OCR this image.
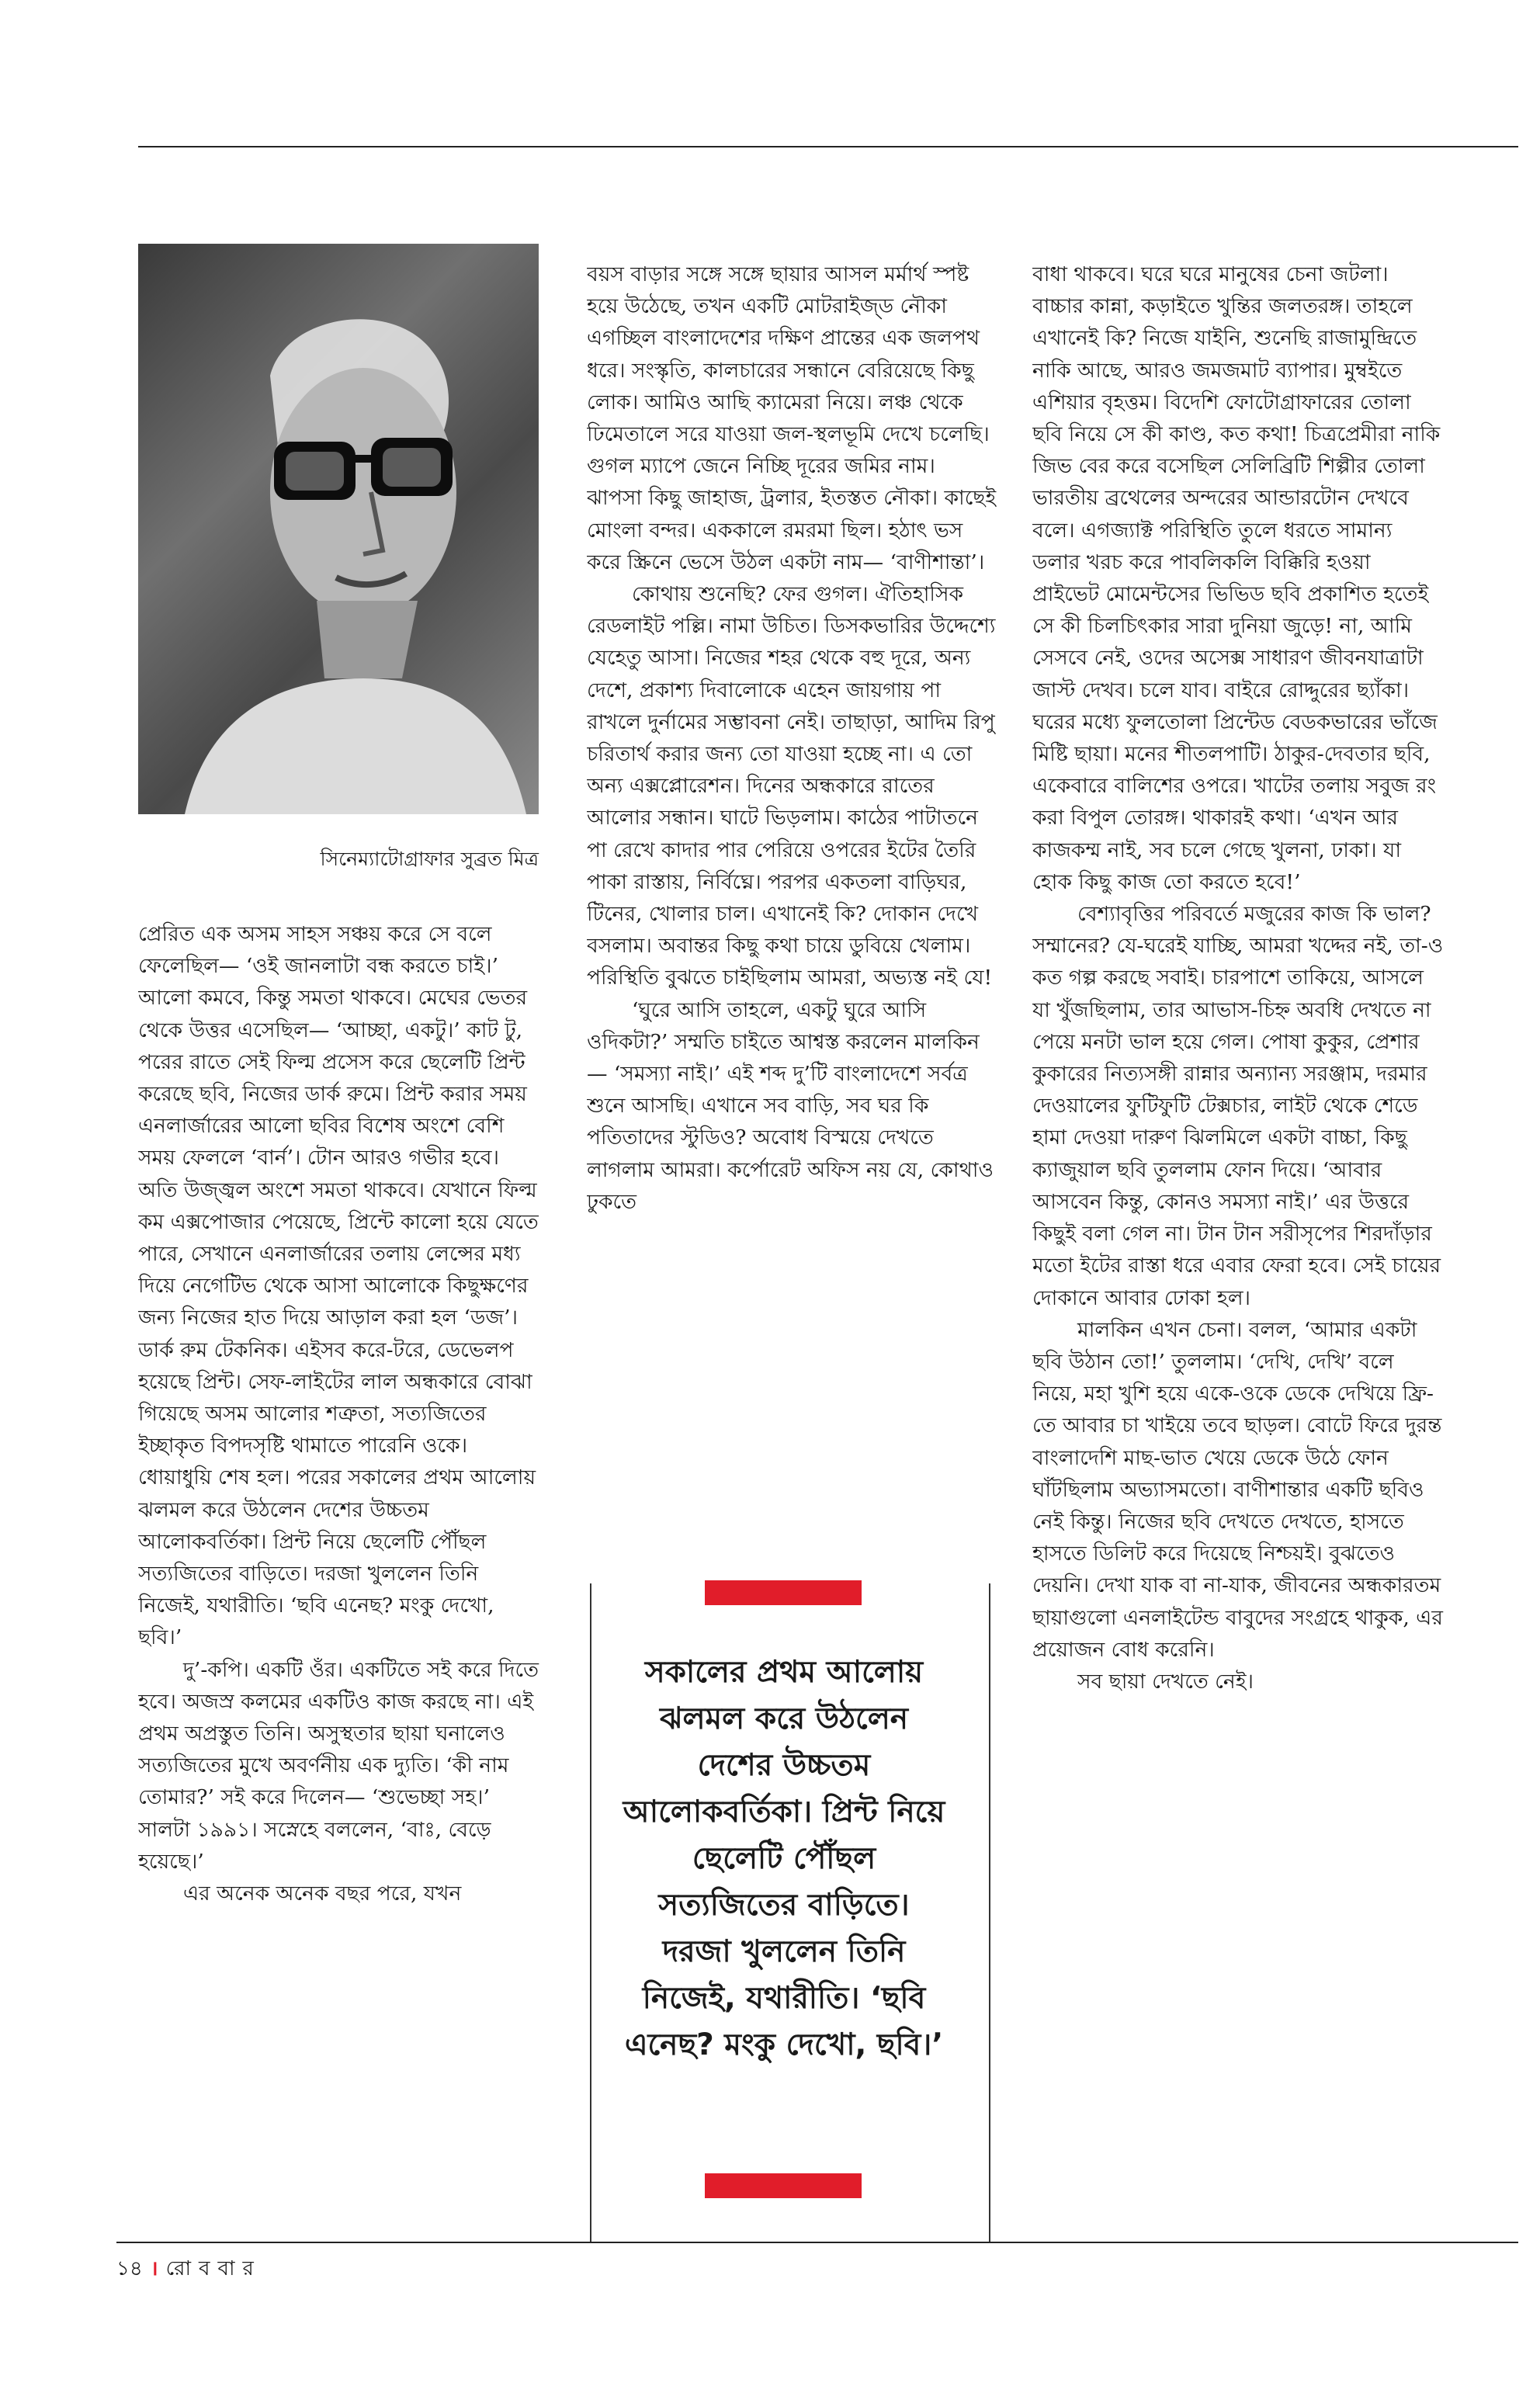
সিনেম্যাটোগ্রাফার সুব্রত মিত্র

প্রেরিত এক অসম সাহস সঞ্চয় করে সে বলে ফেলেছিল— ‘ওই জানলাটা বন্ধ করতে চাই।’ আলো কমবে, কিন্তু সমতা থাকবে। মেঘের ভেতর থেকে উত্তর এসেছিল— ‘আচ্ছা, একটু।’ কাট টু, পরের রাতে সেই ফিল্ম প্রসেস করে ছেলেটি প্রিন্ট করেছে ছবি, নিজের ডার্ক রুমে। প্রিন্ট করার সময় এনলার্জারের আলো ছবির বিশেষ অংশে বেশি সময় ফেললে ‘বার্ন’। টোন আরও গভীর হবে। অতি উজ্জ্বল অংশে সমতা থাকবে। যেখানে ফিল্ম কম এক্সপোজার পেয়েছে, প্রিন্টে কালো হয়ে যেতে পারে, সেখানে এনলার্জারের তলায় লেন্সের মধ্য দিয়ে নেগেটিভ থেকে আসা আলোকে কিছুক্ষণের জন্য নিজের হাত দিয়ে আড়াল করা হল ‘ডজ’। ডার্ক রুম টেকনিক। এইসব করে-টরে, ডেভেলপ হয়েছে প্রিন্ট। সেফ-লাইটের লাল অন্ধকারে বোঝা গিয়েছে অসম আলোর শত্রুতা, সত্যজিতের ইচ্ছাকৃত বিপদসৃষ্টি থামাতে পারেনি ওকে। ধোয়াধুয়ি শেষ হল। পরের সকালের প্রথম আলোয় ঝলমল করে উঠলেন দেশের উচ্চতম আলোকবর্তিকা। প্রিন্ট নিয়ে ছেলেটি পৌঁছল সত্যজিতের বাড়িতে। দরজা খুললেন তিনি নিজেই, যথারীতি। ‘ছবি এনেছ? মংকু দেখো, ছবি।’

দু’-কপি। একটি ওঁর। একটিতে সই করে দিতে হবে। অজস্র কলমের একটিও কাজ করছে না। এই প্রথম অপ্রস্তুত তিনি। অসুস্থতার ছায়া ঘনালেও সত্যজিতের মুখে অবর্ণনীয় এক দ্যুতি। ‘কী নাম তোমার?’ সই করে দিলেন— ‘শুভেচ্ছা সহ।’ সালটা ১৯৯১। সস্নেহে বললেন, ‘বাঃ, বেড়ে হয়েছে।’

এর অনেক অনেক বছর পরে, যখন

বয়স বাড়ার সঙ্গে সঙ্গে ছায়ার আসল মর্মার্থ স্পষ্ট হয়ে উঠেছে, তখন একটি মোটরাইজ্ড নৌকা এগচ্ছিল বাংলাদেশের দক্ষিণ প্রান্তের এক জলপথ ধরে। সংস্কৃতি, কালচারের সন্ধানে বেরিয়েছে কিছু লোক। আমিও আছি ক্যামেরা নিয়ে। লঞ্চ থেকে ঢিমেতালে সরে যাওয়া জল-স্থলভূমি দেখে চলেছি। গুগল ম্যাপে জেনে নিচ্ছি দূরের জমির নাম। ঝাপসা কিছু জাহাজ, ট্রলার, ইতস্তত নৌকা। কাছেই মোংলা বন্দর। এককালে রমরমা ছিল। হঠাৎ ভস করে স্ক্রিনে ভেসে উঠল একটা নাম— ‘বাণীশান্তা’।

কোথায় শুনেছি? ফের গুগল। ঐতিহাসিক রেডলাইট পল্লি। নামা উচিত। ডিসকভারির উদ্দেশ্যে যেহেতু আসা। নিজের শহর থেকে বহু দূরে, অন্য দেশে, প্রকাশ্য দিবালোকে এহেন জায়গায় পা রাখলে দুর্নামের সম্ভাবনা নেই। তাছাড়া, আদিম রিপু চরিতার্থ করার জন্য তো যাওয়া হচ্ছে না। এ তো অন্য এক্সপ্লোরেশন। দিনের অন্ধকারে রাতের আলোর সন্ধান। ঘাটে ভিড়লাম। কাঠের পাটাতনে পা রেখে কাদার পার পেরিয়ে ওপরের ইটের তৈরি পাকা রাস্তায়, নির্বিঘ্নে। পরপর একতলা বাড়িঘর, টিনের, খোলার চাল। এখানেই কি? দোকান দেখে বসলাম। অবান্তর কিছু কথা চায়ে ডুবিয়ে খেলাম। পরিস্থিতি বুঝতে চাইছিলাম আমরা, অভ্যস্ত নই যে!

‘ঘুরে আসি তাহলে, একটু ঘুরে আসি ওদিকটা?’ সম্মতি চাইতে আশ্বস্ত করলেন মালকিন— ‘সমস্যা নাই।’ এই শব্দ দু’টি বাংলাদেশে সর্বত্র শুনে আসছি। এখানে সব বাড়ি, সব ঘর কি পতিতাদের স্টুডিও? অবোধ বিস্ময়ে দেখতে লাগলাম আমরা। কর্পোরেট অফিস নয় যে, কোথাও ঢুকতে

সকালের প্রথম আলোয় ঝলমল করে উঠলেন দেশের উচ্চতম আলোকবর্তিকা। প্রিন্ট নিয়ে ছেলেটি পৌঁছল সত্যজিতের বাড়িতে। দরজা খুললেন তিনি নিজেই, যথারীতি। ‘ছবি এনেছ? মংকু দেখো, ছবি।’

বাধা থাকবে। ঘরে ঘরে মানুষের চেনা জটলা। বাচ্চার কান্না, কড়াইতে খুন্তির জলতরঙ্গ। তাহলে এখানেই কি? নিজে যাইনি, শুনেছি রাজামুন্দ্রিতে নাকি আছে, আরও জমজমাট ব্যাপার। মুম্বইতে এশিয়ার বৃহত্তম। বিদেশি ফোটোগ্রাফারের তোলা ছবি নিয়ে সে কী কাণ্ড, কত কথা! চিত্রপ্রেমীরা নাকি জিভ বের করে বসেছিল সেলিব্রিটি শিল্পীর তোলা ভারতীয় ব্রথেলের অন্দরের আন্ডারটোন দেখবে বলে। এগজ্যাক্ট পরিস্থিতি তুলে ধরতে সামান্য ডলার খরচ করে পাবলিকলি বিক্কিরি হওয়া প্রাইভেট মোমেন্টসের ভিভিড ছবি প্রকাশিত হতেই সে কী চিলচিৎকার সারা দুনিয়া জুড়ে! না, আমি সেসবে নেই, ওদের অসেক্স সাধারণ জীবনযাত্রাটা জাস্ট দেখব। চলে যাব। বাইরে রোদ্দুরের ছ্যাঁকা। ঘরের মধ্যে ফুলতোলা প্রিন্টেড বেডকভারের ভাঁজে মিষ্টি ছায়া। মনের শীতলপাটি। ঠাকুর-দেবতার ছবি, একেবারে বালিশের ওপরে। খাটের তলায় সবুজ রং করা বিপুল তোরঙ্গ। থাকারই কথা। ‘এখন আর কাজকম্ম নাই, সব চলে গেছে খুলনা, ঢাকা। যা হোক কিছু কাজ তো করতে হবে!’

বেশ্যাবৃত্তির পরিবর্তে মজুরের কাজ কি ভাল? সম্মানের? যে-ঘরেই যাচ্ছি, আমরা খদ্দের নই, তা-ও কত গল্প করছে সবাই। চারপাশে তাকিয়ে, আসলে যা খুঁজছিলাম, তার আভাস-চিহ্ন অবধি দেখতে না পেয়ে মনটা ভাল হয়ে গেল। পোষা কুকুর, প্রেশার কুকারের নিত্যসঙ্গী রান্নার অন্যান্য সরঞ্জাম, দরমার দেওয়ালের ফুটিফুটি টেক্সচার, লাইট থেকে শেডে হামা দেওয়া দারুণ ঝিলমিলে একটা বাচ্চা, কিছু ক্যাজুয়াল ছবি তুললাম ফোন দিয়ে। ‘আবার আসবেন কিন্তু, কোনও সমস্যা নাই।’ এর উত্তরে কিছুই বলা গেল না। টান টান সরীসৃপের শিরদাঁড়ার মতো ইটের রাস্তা ধরে এবার ফেরা হবে। সেই চায়ের দোকানে আবার ঢোকা হল।

মালকিন এখন চেনা। বলল, ‘আমার একটা ছবি উঠান তো!’ তুললাম। ‘দেখি, দেখি’ বলে নিয়ে, মহা খুশি হয়ে একে-ওকে ডেকে দেখিয়ে ফ্রি-তে আবার চা খাইয়ে তবে ছাড়ল। বোটে ফিরে দুরন্ত বাংলাদেশি মাছ-ভাত খেয়ে ডেকে উঠে ফোন ঘাঁটছিলাম অভ্যাসমতো। বাণীশান্তার একটি ছবিও নেই কিন্তু। নিজের ছবি দেখতে দেখতে, হাসতে হাসতে ডিলিট করে দিয়েছে নিশ্চয়ই। বুঝতেও দেয়নি। দেখা যাক বা না-যাক, জীবনের অন্ধকারতম ছায়াগুলো এনলাইটেন্ড বাবুদের সংগ্রহে থাকুক, এর প্রয়োজন বোধ করেনি।

সব ছায়া দেখতে নেই।

১৪ । রোববার
